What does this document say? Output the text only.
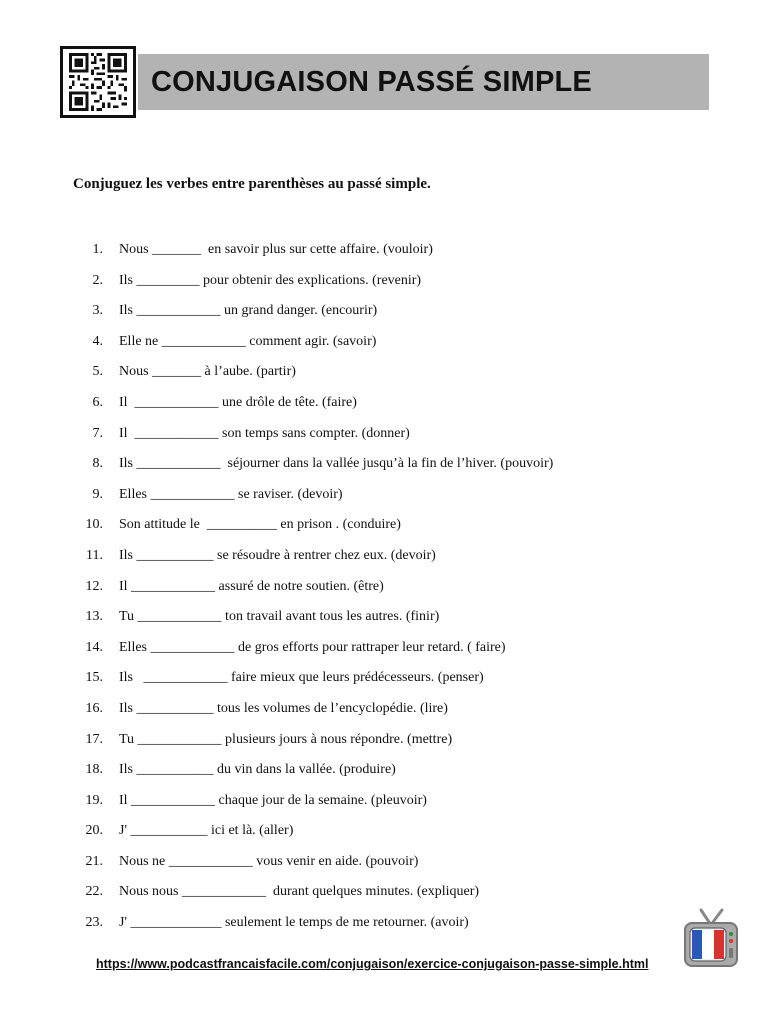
CONJUGAISON PASSÉ SIMPLE
Conjuguez les verbes entre parenthèses au passé simple.
1. Nous _______  en savoir plus sur cette affaire. (vouloir)
2. Ils _________ pour obtenir des explications. (revenir)
3. Ils ____________ un grand danger. (encourir)
4. Elle ne ____________ comment agir. (savoir)
5. Nous _______ à l’aube. (partir)
6. Il  ____________ une drôle de tête. (faire)
7. Il  ____________ son temps sans compter. (donner)
8. Ils ____________  séjourner dans la vallée jusqu’à la fin de l’hiver. (pouvoir)
9. Elles ____________ se raviser. (devoir)
10. Son attitude le  __________ en prison . (conduire)
11. Ils ___________ se résoudre à rentrer chez eux. (devoir)
12. Il ____________ assuré de notre soutien. (être)
13. Tu ____________ ton travail avant tous les autres. (finir)
14. Elles ____________ de gros efforts pour rattraper leur retard. ( faire)
15. Ils   ____________ faire mieux que leurs prédécesseurs. (penser)
16. Ils ___________ tous les volumes de l’encyclopédie. (lire)
17. Tu ____________ plusieurs jours à nous répondre. (mettre)
18. Ils ___________ du vin dans la vallée. (produire)
19. Il ____________ chaque jour de la semaine. (pleuvoir)
20. J' ___________ ici et là. (aller)
21. Nous ne ____________ vous venir en aide. (pouvoir)
22. Nous nous ____________  durant quelques minutes. (expliquer)
23. J' _____________ seulement le temps de me retourner. (avoir)
https://www.podcastfrancaisfacile.com/conjugaison/exercice-conjugaison-passe-simple.html
